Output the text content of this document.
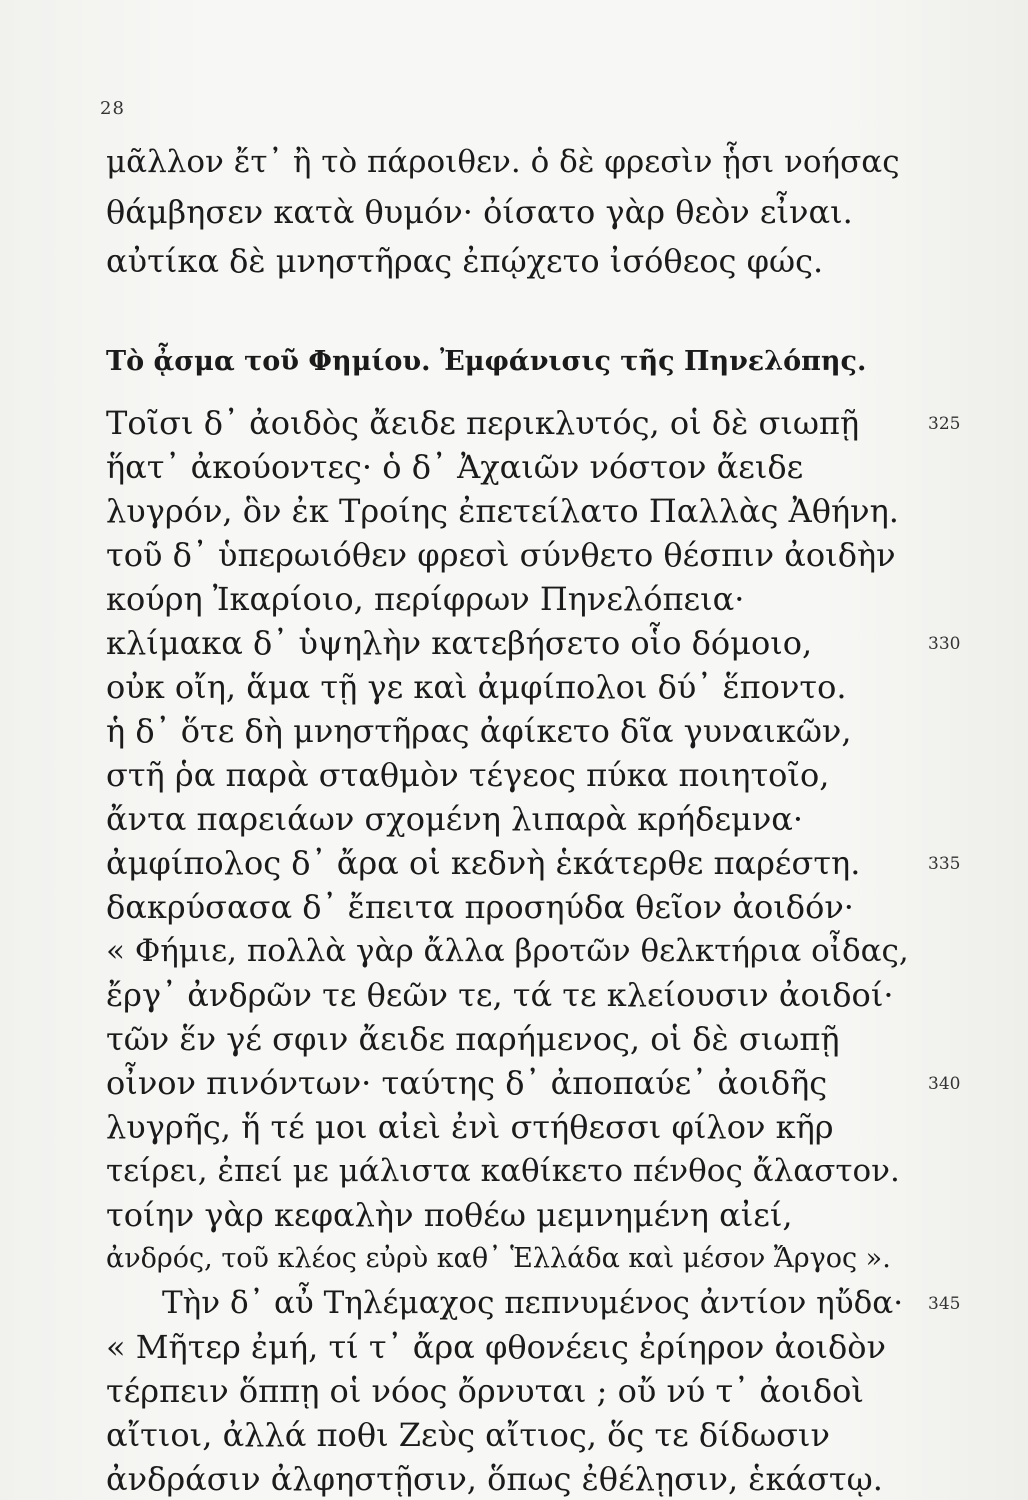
28
μᾶλλον ἔτ᾽ ἢ τὸ πάροιθεν. ὁ δὲ φρεσὶν ᾗσι νοήσας
θάμβησεν κατὰ θυμόν· ὀίσατο γὰρ θεὸν εἶναι.
αὐτίκα δὲ μνηστῆρας ἐπῴχετο ἰσόθεος φώς.
Τὸ ᾆσμα τοῦ Φημίου. Ἐμφάνισις τῆς Πηνελόπης.
325
330
335
340
345
Τοῖσι δ᾽ ἀοιδὸς ἄειδε περικλυτός, οἱ δὲ σιωπῇ
ἥατ᾽ ἀκούοντες· ὁ δ᾽ Ἀχαιῶν νόστον ἄειδε
λυγρόν, ὃν ἐκ Τροίης ἐπετείλατο Παλλὰς Ἀθήνη.
τοῦ δ᾽ ὑπερωιόθεν φρεσὶ σύνθετο θέσπιν ἀοιδὴν
κούρη Ἰκαρίοιο, περίφρων Πηνελόπεια·
κλίμακα δ᾽ ὑψηλὴν κατεβήσετο οἷο δόμοιο,
οὐκ οἴη, ἅμα τῇ γε καὶ ἀμφίπολοι δύ᾽ ἕποντο.
ἡ δ᾽ ὅτε δὴ μνηστῆρας ἀφίκετο δῖα γυναικῶν,
στῆ ῥα παρὰ σταθμὸν τέγεος πύκα ποιητοῖο,
ἄντα παρειάων σχομένη λιπαρὰ κρήδεμνα·
ἀμφίπολος δ᾽ ἄρα οἱ κεδνὴ ἑκάτερθε παρέστη.
δακρύσασα δ᾽ ἔπειτα προσηύδα θεῖον ἀοιδόν·
« Φήμιε, πολλὰ γὰρ ἄλλα βροτῶν θελκτήρια οἶδας,
ἔργ᾽ ἀνδρῶν τε θεῶν τε, τά τε κλείουσιν ἀοιδοί·
τῶν ἕν γέ σφιν ἄειδε παρήμενος, οἱ δὲ σιωπῇ
οἶνον πινόντων· ταύτης δ᾽ ἀποπαύε᾽ ἀοιδῆς
λυγρῆς, ἥ τέ μοι αἰεὶ ἐνὶ στήθεσσι φίλον κῆρ
τείρει, ἐπεί με μάλιστα καθίκετο πένθος ἄλαστον.
τοίην γὰρ κεφαλὴν ποθέω μεμνημένη αἰεί,
ἀνδρός, τοῦ κλέος εὐρὺ καθ᾽ Ἑλλάδα καὶ μέσον Ἄργος ».
Τὴν δ᾽ αὖ Τηλέμαχος πεπνυμένος ἀντίον ηὔδα·
« Μῆτερ ἐμή, τί τ᾽ ἄρα φθονέεις ἐρίηρον ἀοιδὸν
τέρπειν ὅππῃ οἱ νόος ὄρνυται ; οὔ νύ τ᾽ ἀοιδοὶ
αἴτιοι, ἀλλά ποθι Ζεὺς αἴτιος, ὅς τε δίδωσιν
ἀνδράσιν ἀλφηστῇσιν, ὅπως ἐθέλῃσιν, ἑκάστῳ.
